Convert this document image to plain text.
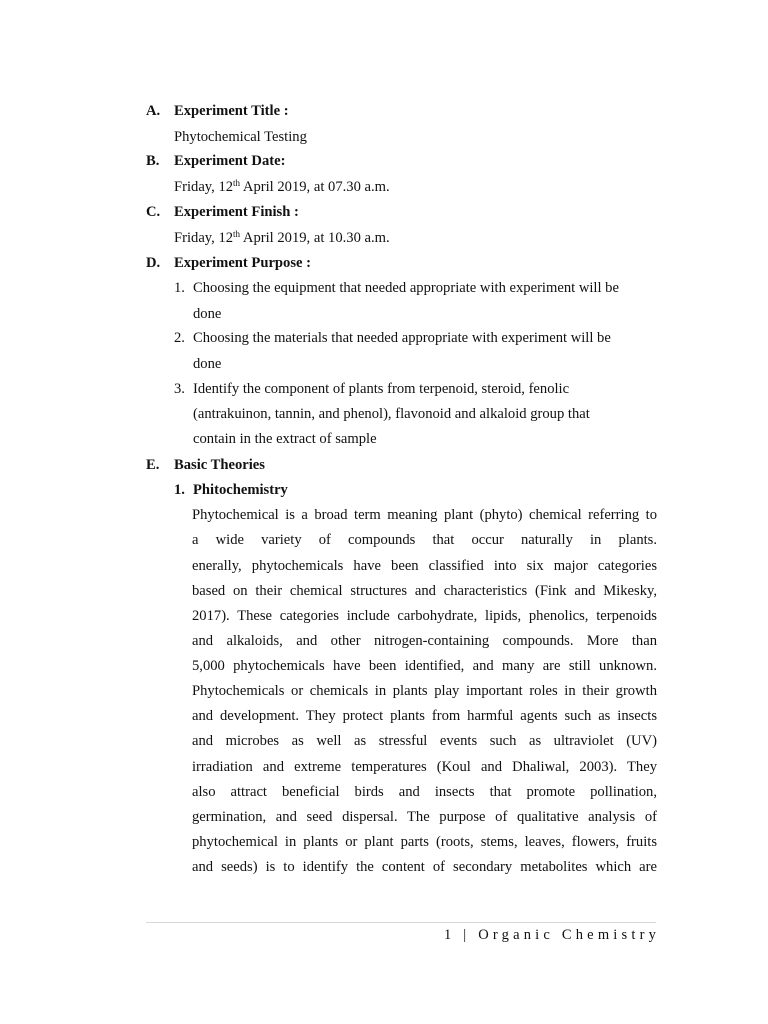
A. Experiment Title :
Phytochemical Testing
B. Experiment Date:
Friday, 12th April 2019, at 07.30 a.m.
C. Experiment Finish :
Friday, 12th April 2019, at 10.30 a.m.
D. Experiment Purpose :
1. Choosing the equipment that needed appropriate with experiment will be
done
2. Choosing the materials that needed appropriate with experiment will be
done
3. Identify the component of plants from terpenoid, steroid, fenolic
(antrakuinon, tannin, and phenol), flavonoid and alkaloid group that
contain in the extract of sample
E. Basic Theories
1. Phitochemistry
Phytochemical is a broad term meaning plant (phyto) chemical referring to
a wide variety of compounds that occur naturally in plants.
enerally, phytochemicals have been classified into six major categories
based on their chemical structures and characteristics (Fink and Mikesky,
2017). These categories include carbohydrate, lipids, phenolics, terpenoids
and alkaloids, and other nitrogen-containing compounds. More than
5,000 phytochemicals have been identified, and many are still unknown.
Phytochemicals or chemicals in plants play important roles in their growth
and development. They protect plants from harmful agents such as insects
and microbes as well as stressful events such as ultraviolet (UV)
irradiation and extreme temperatures (Koul and Dhaliwal, 2003). They
also attract beneficial birds and insects that promote pollination,
germination, and seed dispersal. The purpose of qualitative analysis of
phytochemical in plants or plant parts (roots, stems, leaves, flowers, fruits
and seeds) is to identify the content of secondary metabolites which are
1 | Organic Chemistry
